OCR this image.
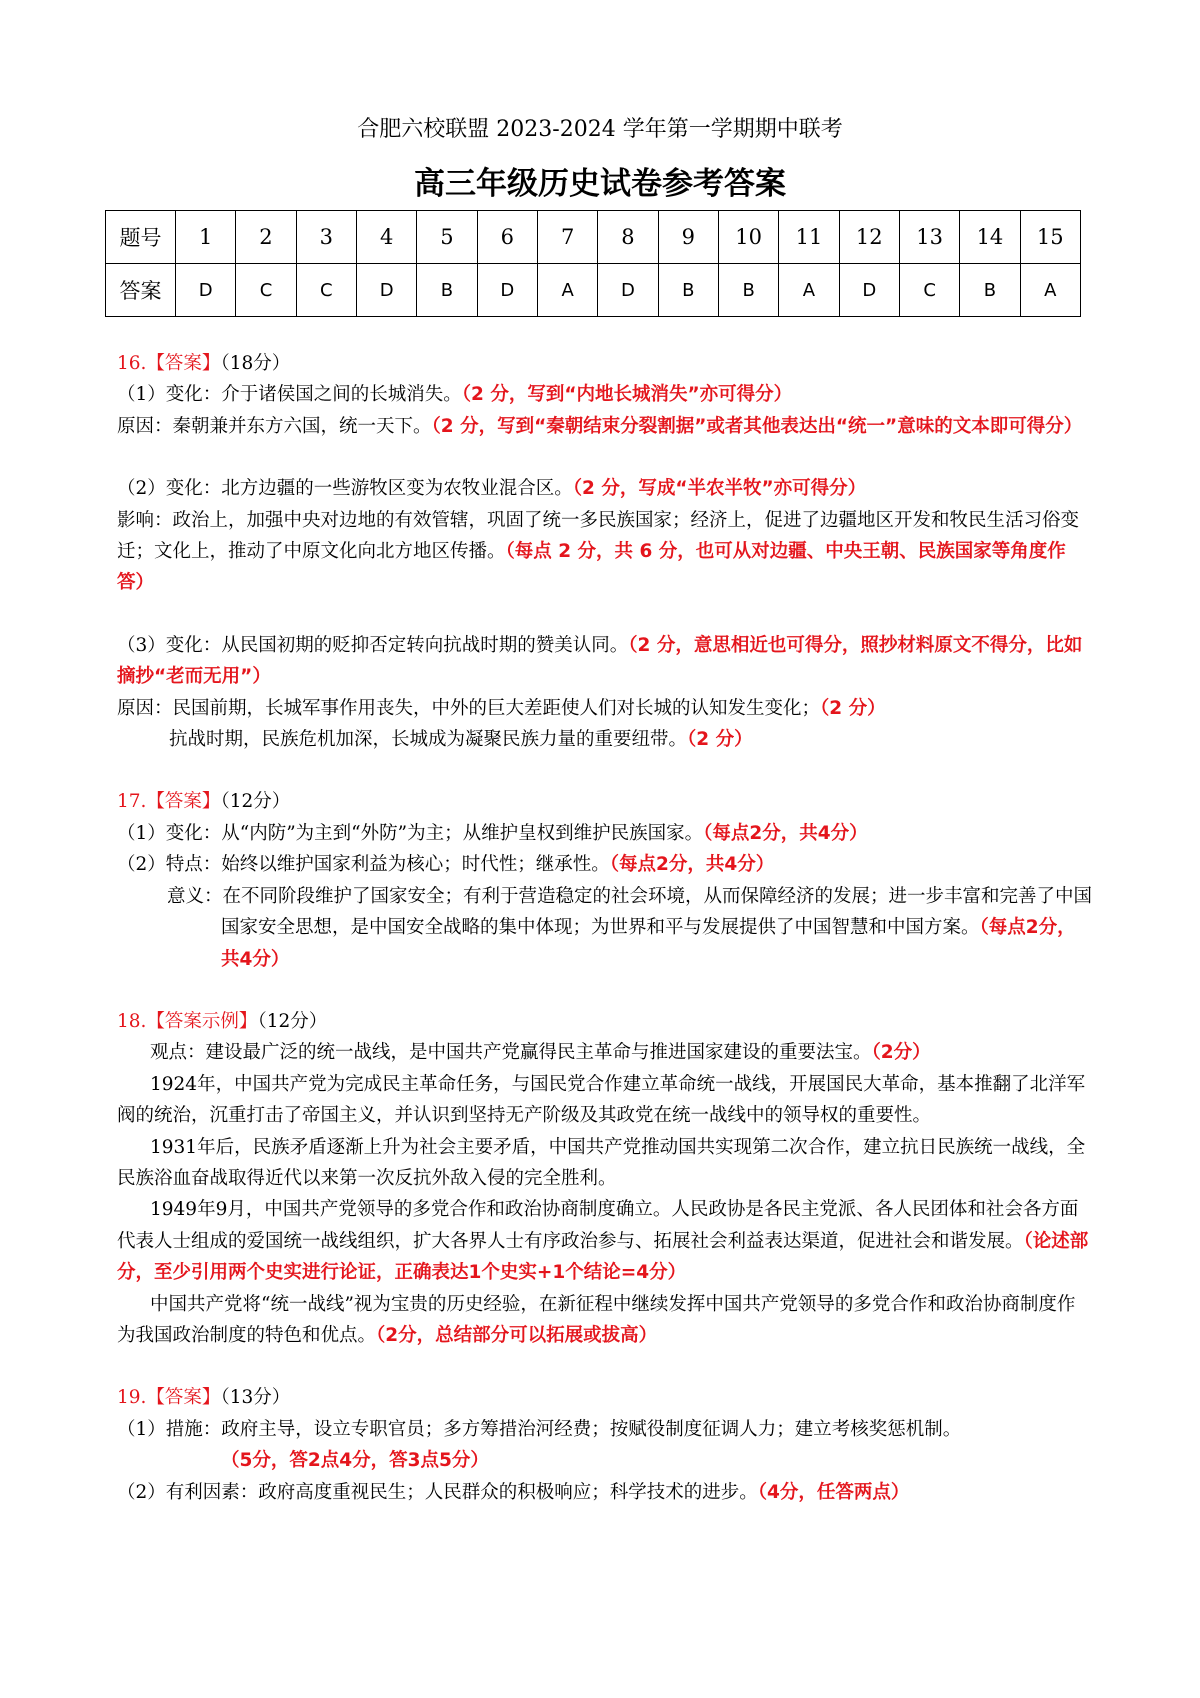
合肥六校联盟 2023-2024 学年第一学期期中联考
高三年级历史试卷参考答案
题号	1	2	3	4	5	6	7	8	9	10	11	12	13	14	15
答案	D	C	C	D	B	D	A	D	B	B	A	D	C	B	A

16.【答案】（18分）

（1）变化：介于诸侯国之间的长城消失。（2 分，写到“内地长城消失”亦可得分）

原因：秦朝兼并东方六国，统一天下。（2 分，写到“秦朝结束分裂割据”或者其他表达出“统一”意味的文本即可得分）

（2）变化：北方边疆的一些游牧区变为农牧业混合区。（2 分，写成“半农半牧”亦可得分）

影响：政治上，加强中央对边地的有效管辖，巩固了统一多民族国家；经济上，促进了边疆地区开发和牧民生活习俗变迁；文化上，推动了中原文化向北方地区传播。（每点 2 分，共 6 分，也可从对边疆、中央王朝、民族国家等角度作答）

（3）变化：从民国初期的贬抑否定转向抗战时期的赞美认同。（2 分，意思相近也可得分，照抄材料原文不得分，比如摘抄“老而无用”）

原因：民国前期，长城军事作用丧失，中外的巨大差距使人们对长城的认知发生变化；（2 分）

抗战时期，民族危机加深，长城成为凝聚民族力量的重要纽带。（2 分）

17.【答案】（12分）

（1）变化：从“内防”为主到“外防”为主；从维护皇权到维护民族国家。（每点2分，共4分）

（2）特点：始终以维护国家利益为核心；时代性；继承性。（每点2分，共4分）

意义：在不同阶段维护了国家安全；有利于营造稳定的社会环境，从而保障经济的发展；进一步丰富和完善了中国国家安全思想，是中国安全战略的集中体现；为世界和平与发展提供了中国智慧和中国方案。（每点2分，共4分）

18.【答案示例】（12分）

观点：建设最广泛的统一战线，是中国共产党赢得民主革命与推进国家建设的重要法宝。（2分）

1924年，中国共产党为完成民主革命任务，与国民党合作建立革命统一战线，开展国民大革命，基本推翻了北洋军阀的统治，沉重打击了帝国主义，并认识到坚持无产阶级及其政党在统一战线中的领导权的重要性。

1931年后，民族矛盾逐渐上升为社会主要矛盾，中国共产党推动国共实现第二次合作，建立抗日民族统一战线，全民族浴血奋战取得近代以来第一次反抗外敌入侵的完全胜利。

1949年9月，中国共产党领导的多党合作和政治协商制度确立。人民政协是各民主党派、各人民团体和社会各方面代表人士组成的爱国统一战线组织，扩大各界人士有序政治参与、拓展社会利益表达渠道，促进社会和谐发展。（论述部分，至少引用两个史实进行论证，正确表达1个史实+1个结论=4分）

中国共产党将“统一战线”视为宝贵的历史经验，在新征程中继续发挥中国共产党领导的多党合作和政治协商制度作为我国政治制度的特色和优点。（2分，总结部分可以拓展或拔高）

19.【答案】（13分）

（1）措施：政府主导，设立专职官员；多方筹措治河经费；按赋役制度征调人力；建立考核奖惩机制。

（5分，答2点4分，答3点5分）

（2）有利因素：政府高度重视民生；人民群众的积极响应；科学技术的进步。（4分，任答两点）
